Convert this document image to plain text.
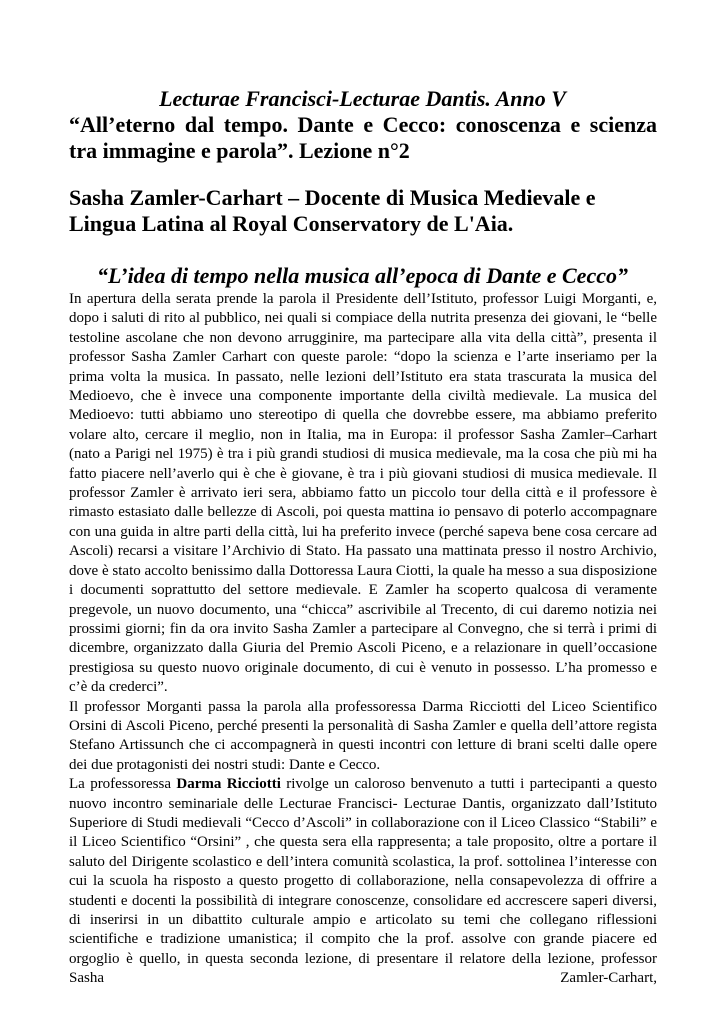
Lecturae Francisci-Lecturae Dantis. Anno V
“All’eterno dal tempo. Dante e Cecco: conoscenza e scienza tra immagine e parola”. Lezione n°2
Sasha Zamler-Carhart – Docente di Musica Medievale e Lingua Latina al Royal Conservatory de L'Aia.
“L’idea di tempo nella musica all’epoca di Dante e Cecco”

In apertura della serata prende la parola il Presidente dell’Istituto, professor Luigi Morganti, e, dopo i saluti di rito al pubblico, nei quali si compiace della nutrita presenza dei giovani, le “belle testoline ascolane che non devono arrugginire, ma partecipare alla vita della città”, presenta il professor Sasha Zamler Carhart con queste parole: “dopo la scienza e l’arte inseriamo per la prima volta la musica. In passato, nelle lezioni dell’Istituto era stata trascurata la musica del Medioevo, che è invece una componente importante della civiltà medievale. La musica del Medioevo: tutti abbiamo uno stereotipo di quella che dovrebbe essere, ma abbiamo preferito volare alto, cercare il meglio, non in Italia, ma in Europa: il professor Sasha Zamler–Carhart (nato a Parigi nel 1975) è tra i più grandi studiosi di musica medievale, ma la cosa che più mi ha fatto piacere nell’averlo qui è che è giovane, è tra i più giovani studiosi di musica medievale. Il professor Zamler è arrivato ieri sera, abbiamo fatto un piccolo tour della città e il professore è rimasto estasiato dalle bellezze di Ascoli, poi questa mattina io pensavo di poterlo accompagnare con una guida in altre parti della città, lui ha preferito invece (perché sapeva bene cosa cercare ad Ascoli) recarsi a visitare l’Archivio di Stato. Ha passato una mattinata presso il nostro Archivio, dove è stato accolto benissimo dalla Dottoressa Laura Ciotti, la quale ha messo a sua disposizione i documenti soprattutto del settore medievale. E Zamler ha scoperto qualcosa di veramente pregevole, un nuovo documento, una “chicca” ascrivibile al Trecento, di cui daremo notizia nei prossimi giorni; fin da ora invito Sasha Zamler a partecipare al Convegno, che si terrà i primi di dicembre, organizzato dalla Giuria del Premio Ascoli Piceno, e a relazionare in quell’occasione prestigiosa su questo nuovo originale documento, di cui è venuto in possesso. L’ha promesso e c’è da crederci”.

Il professor Morganti passa la parola alla professoressa Darma Ricciotti del Liceo Scientifico Orsini di Ascoli Piceno, perché presenti la personalità di Sasha Zamler e quella dell’attore regista Stefano Artissunch che ci accompagnerà in questi incontri con letture di brani scelti dalle opere dei due protagonisti dei nostri studi: Dante e Cecco.

La professoressa Darma Ricciotti rivolge un caloroso benvenuto a tutti i partecipanti a questo nuovo incontro seminariale delle Lecturae Francisci- Lecturae Dantis, organizzato dall’Istituto Superiore di Studi medievali “Cecco d’Ascoli” in collaborazione con il Liceo Classico “Stabili” e il Liceo Scientifico “Orsini” , che questa sera ella rappresenta; a tale proposito, oltre a portare il saluto del Dirigente scolastico e dell’intera comunità scolastica, la prof. sottolinea l’interesse con cui la scuola ha risposto a questo progetto di collaborazione, nella consapevolezza di offrire a studenti e docenti la possibilità di integrare conoscenze, consolidare ed accrescere saperi diversi, di inserirsi in un dibattito culturale ampio e articolato su temi che collegano riflessioni scientifiche e tradizione umanistica; il compito che la prof. assolve con grande piacere ed orgoglio è quello, in questa seconda lezione, di presentare il relatore della lezione, professor Sasha Zamler-Carhart,
